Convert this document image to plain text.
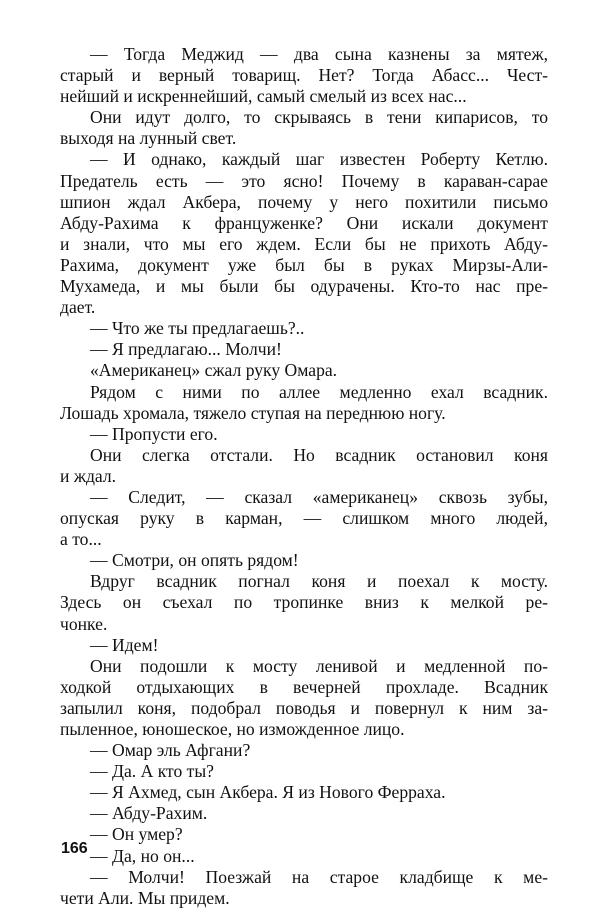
— Тогда Меджид — два сына казнены за мятеж,
старый и верный товарищ. Нет? Тогда Абасс... Чест-
нейший и искреннейший, самый смелый из всех нас...
Они идут долго, то скрываясь в тени кипарисов, то
выходя на лунный свет.
— И однако, каждый шаг известен Роберту Кетлю.
Предатель есть — это ясно! Почему в караван-сарае
шпион ждал Акбера, почему у него похитили письмо
Абду-Рахима к француженке? Они искали документ
и знали, что мы его ждем. Если бы не прихоть Абду-
Рахима, документ уже был бы в руках Мирзы-Али-
Мухамеда, и мы были бы одурачены. Кто-то нас пре-
дает.
— Что же ты предлагаешь?..
— Я предлагаю... Молчи!
«Американец» сжал руку Омара.
Рядом с ними по аллее медленно ехал всадник.
Лошадь хромала, тяжело ступая на переднюю ногу.
— Пропусти его.
Они слегка отстали. Но всадник остановил коня
и ждал.
— Следит, — сказал «американец» сквозь зубы,
опуская руку в карман, — слишком много людей,
а то...
— Смотри, он опять рядом!
Вдруг всадник погнал коня и поехал к мосту.
Здесь он съехал по тропинке вниз к мелкой ре-
чонке.
— Идем!
Они подошли к мосту ленивой и медленной по-
ходкой отдыхающих в вечерней прохладе. Всадник
запылил коня, подобрал поводья и повернул к ним за-
пыленное, юношеское, но изможденное лицо.
— Омар эль Афгани?
— Да. А кто ты?
— Я Ахмед, сын Акбера. Я из Нового Ферраха.
— Абду-Рахим.
— Он умер?
— Да, но он...
— Молчи! Поезжай на старое кладбище к ме-
чети Али. Мы придем.
166
